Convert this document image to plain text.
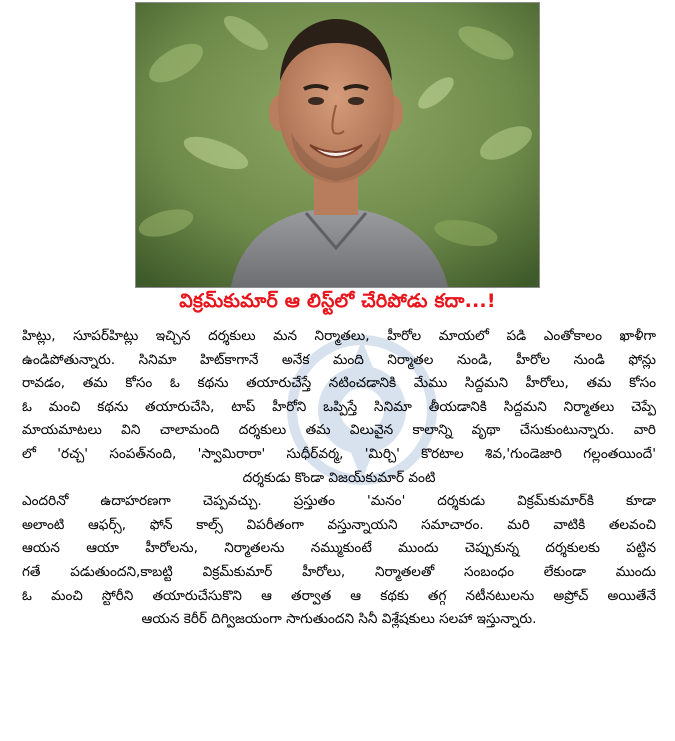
విక్రమ్‌కుమార్ ఆ లిస్ట్‌లో చేరిపోడు కదా...!

హిట్లు, సూపర్‌హిట్లు ఇచ్చిన దర్శకులు మన నిర్మాతలు, హీరోల మాయలో పడి ఎంతోకాలం ఖాళీగా

ఉండిపోతున్నారు. సినిమా హిట్‌కాగానే అనేక మంది నిర్మాతల నుండి, హీరోల నుండి ఫోన్లు

రావడం, తమ కోసం ఓ కథను తయారుచేస్తే నటించడానికి మేము సిద్దమని హీరోలు, తమ కోసం

ఓ మంచి కథను తయారుచేసి, టాప్ హీరోని ఒప్పిస్తే సినిమా తీయడానికి సిద్దమని నిర్మాతలు చెప్పే

మాయమాటలు విని చాలామంది దర్శకులు తమ విలువైన కాలాన్ని వృథా చేసుకుంటున్నారు. వారి

లో 'రచ్చ' సంపత్‌నంది, 'స్వామిరారా' సుధీర్‌వర్మ, 'మిర్చి' కొరటాల శివ,'గుండెజారి గల్లంతయిందే'

దర్శకుడు కొండా విజయ్‌కుమార్ వంటి

ఎందరినో ఉదాహరణగా చెప్పవచ్చు. ప్రస్తుతం 'మనం' దర్శకుడు విక్రమ్‌కుమార్‌కి కూడా

అలాంటి ఆఫర్స్, ఫోన్ కాల్స్ విపరీతంగా వస్తున్నాయని సమాచారం. మరి వాటికి తలవంచి

ఆయన ఆయా హీరోలను, నిర్మాతలను నమ్ముకుంటే ముందు చెప్పుకున్న దర్శకులకు పట్టిన

గతే పడుతుందని,కాబట్టి విక్రమ్‌కుమార్ హీరోలు, నిర్మాతలతో సంబంధం లేకుండా ముందు

ఓ మంచి స్టోరీని తయారుచేసుకొని ఆ తర్వాత ఆ కథకు తగ్గ నటీనటులను అప్రోచ్ అయితేనే

ఆయన కెరీర్ దిగ్విజయంగా సాగుతుందని సినీ విశ్లేషకులు సలహా ఇస్తున్నారు.
